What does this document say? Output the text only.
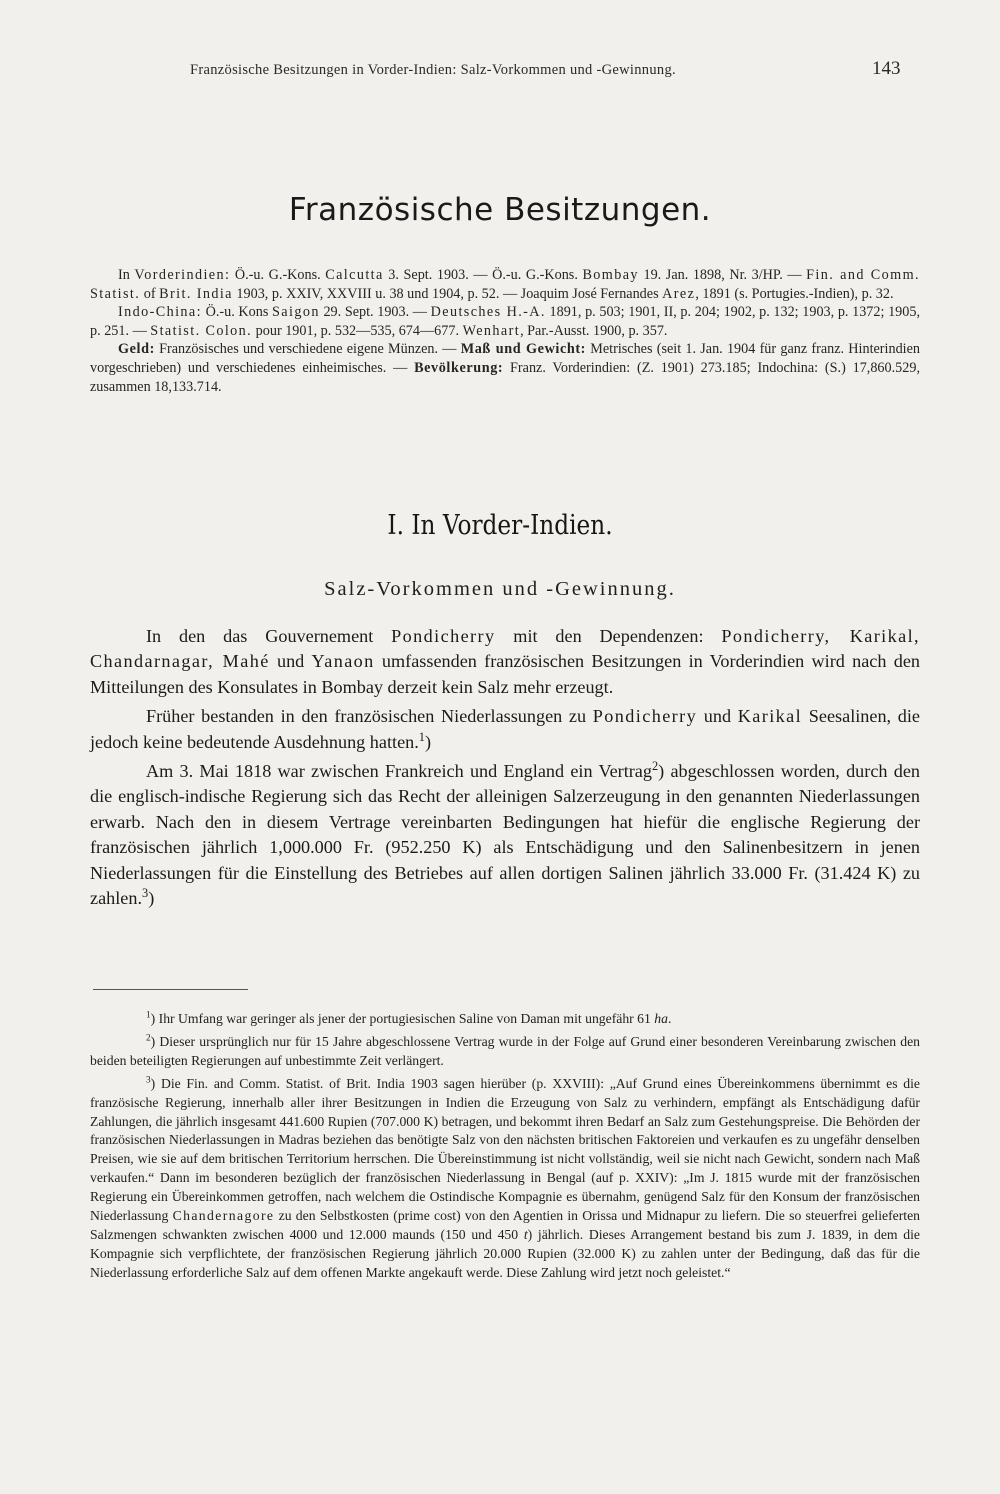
Französische Besitzungen in Vorder-Indien: Salz-Vorkommen und -Gewinnung.	143
Französische Besitzungen.

In Vorderindien: Ö.-u. G.-Kons. Calcutta 3. Sept. 1903. — Ö.-u. G.-Kons. Bombay 19. Jan. 1898, Nr. 3/HP. — Fin. and Comm. Statist. of Brit. India 1903, p. XXIV, XXVIII u. 38 und 1904, p. 52. — Joaquim José Fernandes Arez, 1891 (s. Portugies.-Indien), p. 32.

Indo-China: Ö.-u. Kons Saigon 29. Sept. 1903. — Deutsches H.-A. 1891, p. 503; 1901, II, p. 204; 1902, p. 132; 1903, p. 1372; 1905, p. 251. — Statist. Colon. pour 1901, p. 532—535, 674—677. Wenhart, Par.-Ausst. 1900, p. 357.

Geld: Französisches und verschiedene eigene Münzen. — Maß und Gewicht: Metrisches (seit 1. Jan. 1904 für ganz franz. Hinterindien vorgeschrieben) und verschiedenes einheimisches. — Bevölkerung: Franz. Vorderindien: (Z. 1901) 273.185; Indochina: (S.) 17,860.529, zusammen 18,133.714.

I. In Vorder-Indien.
Salz-Vorkommen und -Gewinnung.

In den das Gouvernement Pondicherry mit den Dependenzen: Pondicherry, Karikal, Chandarnagar, Mahé und Yanaon umfassenden französischen Besitzungen in Vorderindien wird nach den Mitteilungen des Konsulates in Bombay derzeit kein Salz mehr erzeugt.

Früher bestanden in den französischen Niederlassungen zu Pondicherry und Karikal Seesalinen, die jedoch keine bedeutende Ausdehnung hatten.$^1$)

Am 3. Mai 1818 war zwischen Frankreich und England ein Vertrag$^2$) abgeschlossen worden, durch den die englisch-indische Regierung sich das Recht der alleinigen Salzerzeugung in den genannten Niederlassungen erwarb. Nach den in diesem Vertrage vereinbarten Bedingungen hat hiefür die englische Regierung der französischen jährlich 1,000.000 Fr. (952.250 K) als Entschädigung und den Salinenbesitzern in jenen Niederlassungen für die Einstellung des Betriebes auf allen dortigen Salinen jährlich 33.000 Fr. (31.424 K) zu zahlen.$^3$)

$^1$) Ihr Umfang war geringer als jener der portugiesischen Saline von Daman mit ungefähr 61 ha.

$^2$) Dieser ursprünglich nur für 15 Jahre abgeschlossene Vertrag wurde in der Folge auf Grund einer besonderen Vereinbarung zwischen den beiden beteiligten Regierungen auf unbestimmte Zeit verlängert.

$^3$) Die Fin. and Comm. Statist. of Brit. India 1903 sagen hierüber (p. XXVIII): „Auf Grund eines Übereinkommens übernimmt es die französische Regierung, innerhalb aller ihrer Besitzungen in Indien die Erzeugung von Salz zu verhindern, empfängt als Entschädigung dafür Zahlungen, die jährlich insgesamt 441.600 Rupien (707.000 K) betragen, und bekommt ihren Bedarf an Salz zum Gestehungspreise. Die Behörden der französischen Niederlassungen in Madras beziehen das benötigte Salz von den nächsten britischen Faktoreien und verkaufen es zu ungefähr denselben Preisen, wie sie auf dem britischen Territorium herrschen. Die Übereinstimmung ist nicht vollständig, weil sie nicht nach Gewicht, sondern nach Maß verkaufen.“ Dann im besonderen bezüglich der französischen Niederlassung in Bengal (auf p. XXIV): „Im J. 1815 wurde mit der französischen Regierung ein Übereinkommen getroffen, nach welchem die Ostindische Kompagnie es übernahm, genügend Salz für den Konsum der französischen Niederlassung Chandernagore zu den Selbstkosten (prime cost) von den Agentien in Orissa und Midnapur zu liefern. Die so steuerfrei gelieferten Salzmengen schwankten zwischen 4000 und 12.000 maunds (150 und 450 t) jährlich. Dieses Arrangement bestand bis zum J. 1839, in dem die Kompagnie sich verpflichtete, der französischen Regierung jährlich 20.000 Rupien (32.000 K) zu zahlen unter der Bedingung, daß das für die Niederlassung erforderliche Salz auf dem offenen Markte angekauft werde. Diese Zahlung wird jetzt noch geleistet.“
